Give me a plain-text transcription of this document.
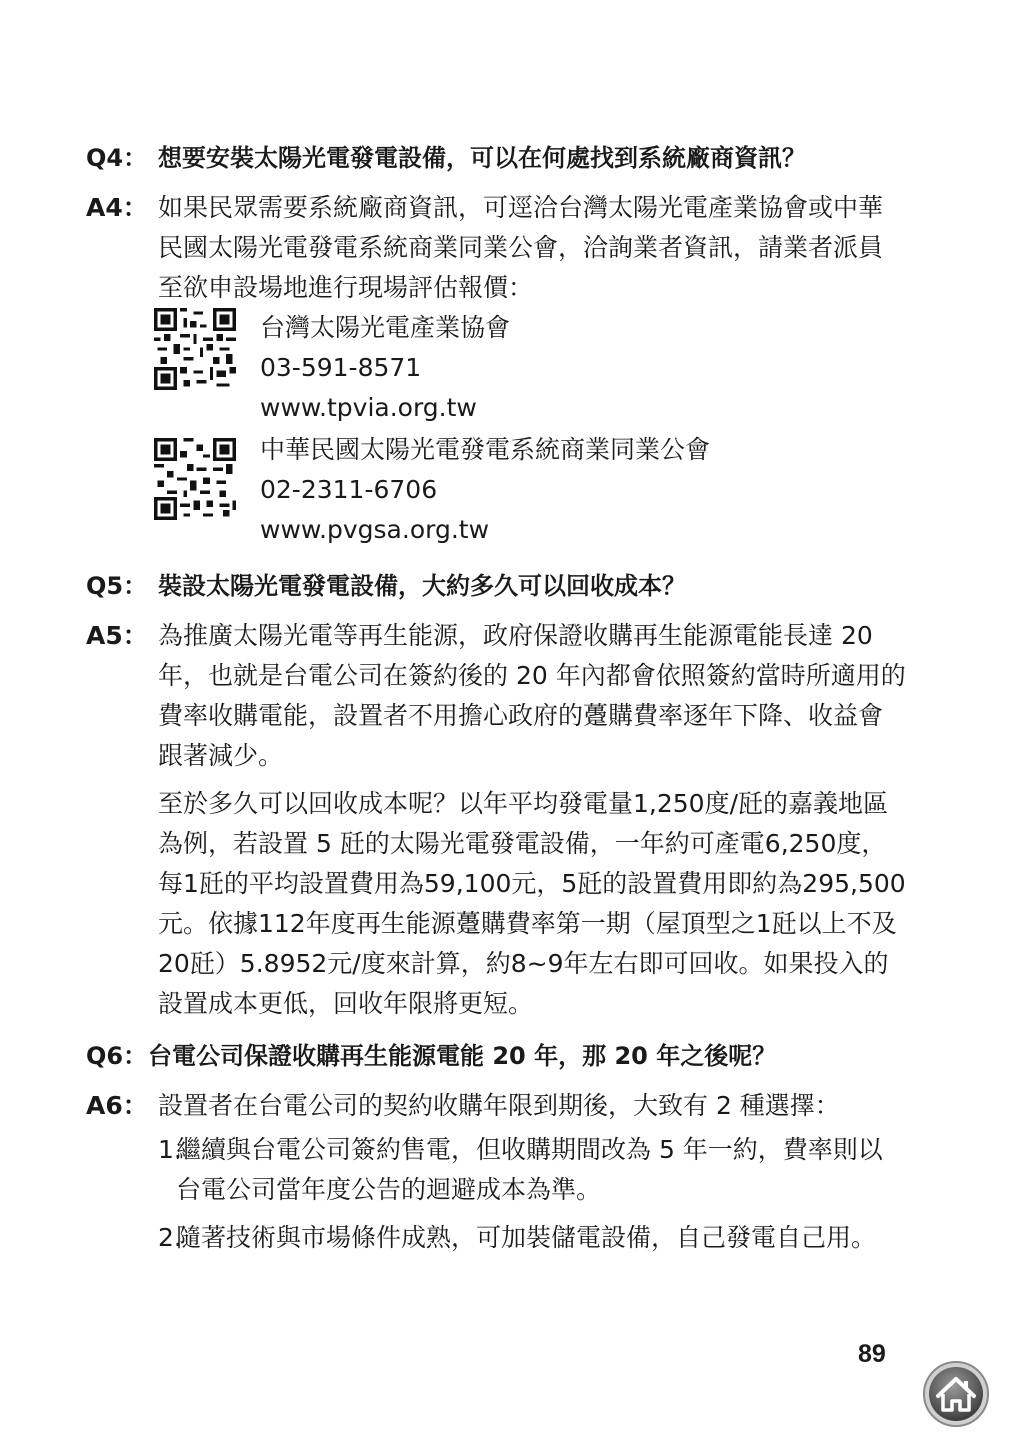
Q4： 想要安裝太陽光電發電設備，可以在何處找到系統廠商資訊？
A4： 如果民眾需要系統廠商資訊，可逕洽台灣太陽光電產業協會或中華民國太陽光電發電系統商業同業公會，洽詢業者資訊，請業者派員至欲申設場地進行現場評估報價：
台灣太陽光電產業協會
03-591-8571
www.tpvia.org.tw
中華民國太陽光電發電系統商業同業公會
02-2311-6706
www.pvgsa.org.tw
Q5： 裝設太陽光電發電設備，大約多久可以回收成本？
A5： 為推廣太陽光電等再生能源，政府保證收購再生能源電能長達 20 年，也就是台電公司在簽約後的 20 年內都會依照簽約當時所適用的費率收購電能，設置者不用擔心政府的躉購費率逐年下降、收益會跟著減少。

至於多久可以回收成本呢？以年平均發電量1,250度/瓩的嘉義地區為例，若設置 5 瓩的太陽光電發電設備，一年約可產電6,250度，每1瓩的平均設置費用為59,100元，5瓩的設置費用即約為295,500元。依據112年度再生能源躉購費率第一期（屋頂型之1瓩以上不及20瓩）5.8952元/度來計算，約8~9年左右即可回收。如果投入的設置成本更低，回收年限將更短。

Q6： 台電公司保證收購再生能源電能 20 年，那 20 年之後呢？
A6： 設置者在台電公司的契約收購年限到期後，大致有 2 種選擇：
1.
繼續與台電公司簽約售電，但收購期間改為 5 年一約，費率則以台電公司當年度公告的迴避成本為準。
2.
隨著技術與市場條件成熟，可加裝儲電設備，自己發電自己用。
89
